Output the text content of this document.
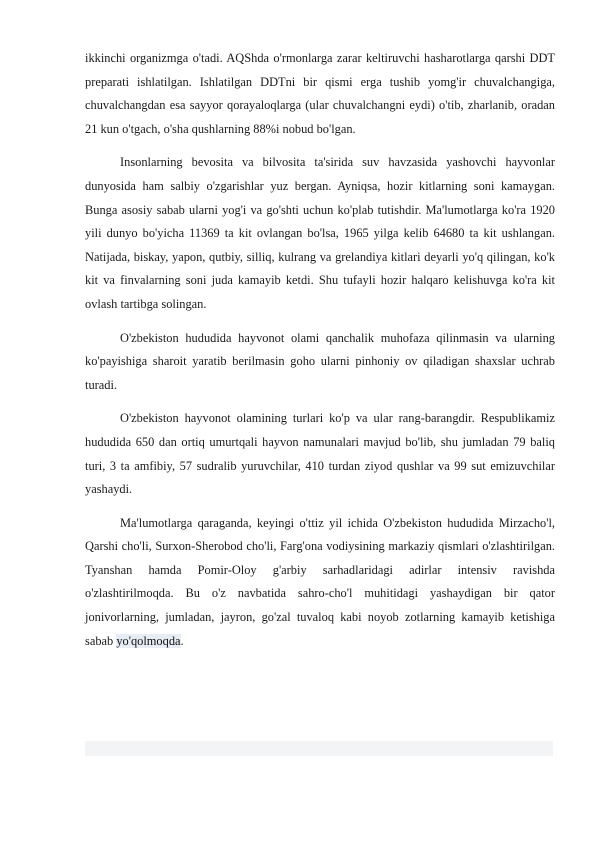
ikkinchi organizmga o'tadi. AQShda o'rmonlarga zarar keltiruvchi hasharotlarga qarshi DDT preparati ishlatilgan. Ishlatilgan DDTni bir qismi erga tushib yomg'ir chuvalchangiga, chuvalchangdan esa sayyor qorayaloqlarga (ular chuvalchangni eydi) o'tib, zharlanib, oradan 21 kun o'tgach, o'sha qushlarning 88%i nobud bo'lgan.

Insonlarning bevosita va bilvosita ta'sirida suv havzasida yashovchi hayvonlar dunyosida ham salbiy o'zgarishlar yuz bergan. Ayniqsa, hozir kitlarning soni kamaygan. Bunga asosiy sabab ularni yog'i va go'shti uchun ko'plab tutishdir. Ma'lumotlarga ko'ra 1920 yili dunyo bo'yicha 11369 ta kit ovlangan bo'lsa, 1965 yilga kelib 64680 ta kit ushlangan. Natijada, biskay, yapon, qutbiy, silliq, kulrang va grelandiya kitlari deyarli yo'q qilingan, ko'k kit va finvalarning soni juda kamayib ketdi. Shu tufayli hozir halqaro kelishuvga ko'ra kit ovlash tartibga solingan.

O'zbekiston hududida hayvonot olami qanchalik muhofaza qilinmasin va ularning ko'payishiga sharoit yaratib berilmasin goho ularni pinhoniy ov qiladigan shaxslar uchrab turadi.

O'zbekiston hayvonot olamining turlari ko'p va ular rang-barangdir. Respublikamiz hududida 650 dan ortiq umurtqali hayvon namunalari mavjud bo'lib, shu jumladan 79 baliq turi, 3 ta amfibiy, 57 sudralib yuruvchilar, 410 turdan ziyod qushlar va 99 sut emizuvchilar yashaydi.

Ma'lumotlarga qaraganda, keyingi o'ttiz yil ichida O'zbekiston hududida Mirzacho'l, Qarshi cho'li, Surxon-Sherobod cho'li, Farg'ona vodiysining markaziy qismlari o'zlashtirilgan. Tyanshan hamda Pomir-Oloy g'arbiy sarhadlaridagi adirlar intensiv ravishda o'zlashtirilmoqda. Bu o'z navbatida sahro-cho'l muhitidagi yashaydigan bir qator jonivorlarning, jumladan, jayron, go'zal tuvaloq kabi noyob zotlarning kamayib ketishiga sabab yo'qolmoqda.
